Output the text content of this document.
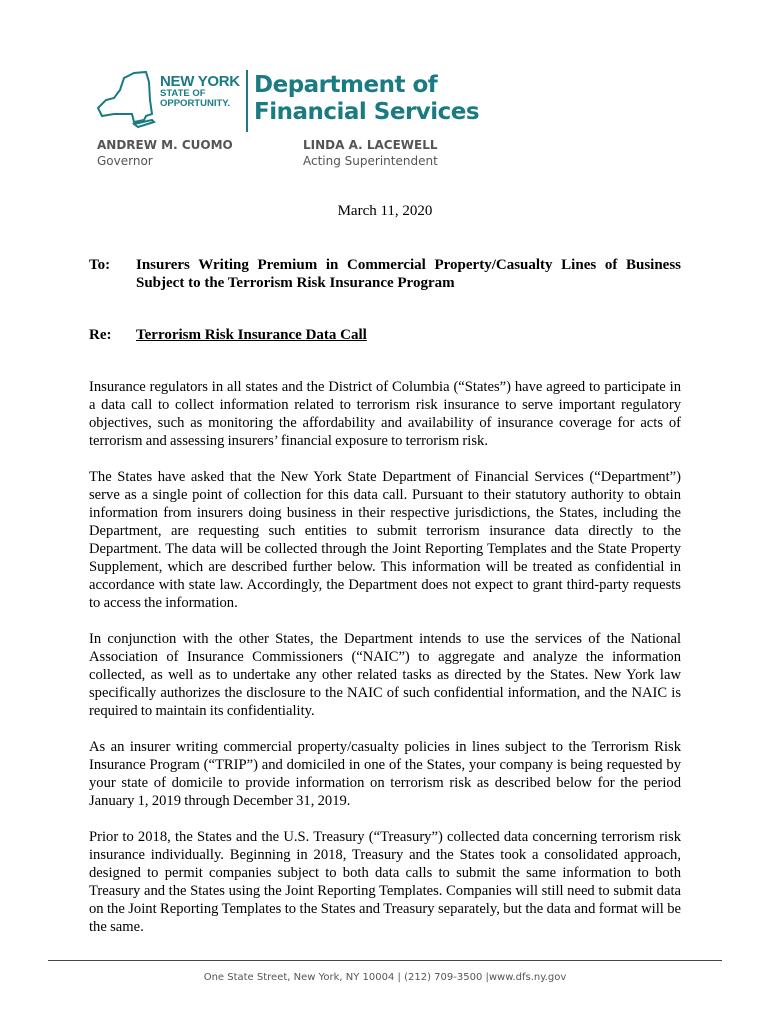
NEW YORK
STATE OF
OPPORTUNITY.
Department of
Financial Services
ANDREW M. CUOMO
Governor
LINDA A. LACEWELL
Acting Superintendent
March 11, 2020
To:	Insurers Writing Premium in Commercial Property/Casualty Lines of Business Subject to the Terrorism Risk Insurance Program
Re:	Terrorism Risk Insurance Data Call

Insurance regulators in all states and the District of Columbia (“States”) have agreed to participate in a data call to collect information related to terrorism risk insurance to serve important regulatory objectives, such as monitoring the affordability and availability of insurance coverage for acts of terrorism and assessing insurers’ financial exposure to terrorism risk.

The States have asked that the New York State Department of Financial Services (“Department”) serve as a single point of collection for this data call. Pursuant to their statutory authority to obtain information from insurers doing business in their respective jurisdictions, the States, including the Department, are requesting such entities to submit terrorism insurance data directly to the Department. The data will be collected through the Joint Reporting Templates and the State Property Supplement, which are described further below. This information will be treated as confidential in accordance with state law. Accordingly, the Department does not expect to grant third-party requests to access the information.

In conjunction with the other States, the Department intends to use the services of the National Association of Insurance Commissioners (“NAIC”) to aggregate and analyze the information collected, as well as to undertake any other related tasks as directed by the States. New York law specifically authorizes the disclosure to the NAIC of such confidential information, and the NAIC is required to maintain its confidentiality.

As an insurer writing commercial property/casualty policies in lines subject to the Terrorism Risk Insurance Program (“TRIP”) and domiciled in one of the States, your company is being requested by your state of domicile to provide information on terrorism risk as described below for the period January 1, 2019 through December 31, 2019.

Prior to 2018, the States and the U.S. Treasury (“Treasury”) collected data concerning terrorism risk insurance individually. Beginning in 2018, Treasury and the States took a consolidated approach, designed to permit companies subject to both data calls to submit the same information to both Treasury and the States using the Joint Reporting Templates. Companies will still need to submit data on the Joint Reporting Templates to the States and Treasury separately, but the data and format will be the same.

One State Street, New York, NY 10004 | (212) 709-3500 |www.dfs.ny.gov
